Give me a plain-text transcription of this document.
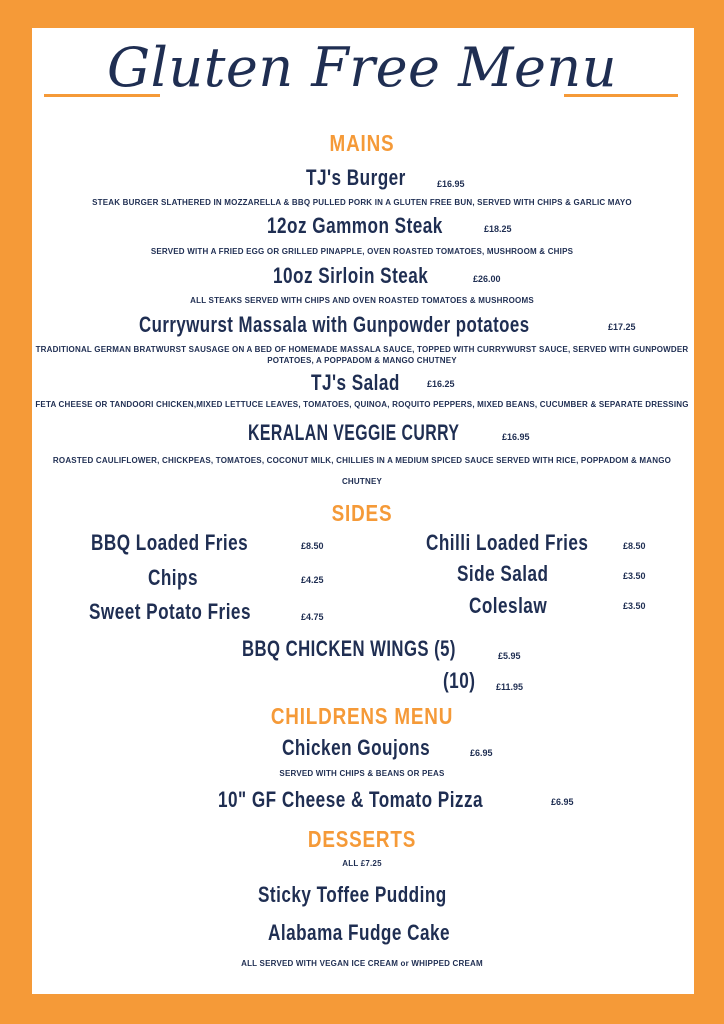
Gluten Free Menu
MAINS
TJ's Burger	£16.95
STEAK BURGER SLATHERED IN MOZZARELLA & BBQ PULLED PORK IN A GLUTEN FREE BUN, SERVED WITH CHIPS & GARLIC MAYO
12oz Gammon Steak	£18.25
SERVED WITH A FRIED EGG OR GRILLED PINAPPLE, OVEN ROASTED TOMATOES, MUSHROOM & CHIPS
10oz Sirloin Steak	£26.00
ALL STEAKS SERVED WITH CHIPS AND OVEN ROASTED TOMATOES & MUSHROOMS
Currywurst Massala with Gunpowder potatoes	£17.25
TRADITIONAL GERMAN BRATWURST SAUSAGE ON A BED OF HOMEMADE MASSALA SAUCE, TOPPED WITH CURRYWURST SAUCE, SERVED WITH GUNPOWDER
POTATOES, A POPPADOM & MANGO CHUTNEY
TJ's Salad	£16.25
FETA CHEESE OR TANDOORI CHICKEN,MIXED LETTUCE LEAVES, TOMATOES, QUINOA, ROQUITO PEPPERS, MIXED BEANS, CUCUMBER & SEPARATE DRESSING
KERALAN VEGGIE CURRY	£16.95
ROASTED CAULIFLOWER, CHICKPEAS, TOMATOES, COCONUT MILK, CHILLIES IN A MEDIUM SPICED SAUCE SERVED WITH RICE, POPPADOM & MANGO
CHUTNEY
SIDES
BBQ Loaded Fries	£8.50
Chips	£4.25
Sweet Potato Fries	£4.75
Chilli Loaded Fries	£8.50
Side Salad	£3.50
Coleslaw	£3.50
BBQ CHICKEN WINGS (5)	£5.95
(10) £11.95
CHILDRENS MENU
Chicken Goujons	£6.95
SERVED WITH CHIPS & BEANS OR PEAS
10" GF Cheese & Tomato Pizza	£6.95
DESSERTS
ALL £7.25
Sticky Toffee Pudding
Alabama Fudge Cake
ALL SERVED WITH VEGAN ICE CREAM or WHIPPED CREAM
